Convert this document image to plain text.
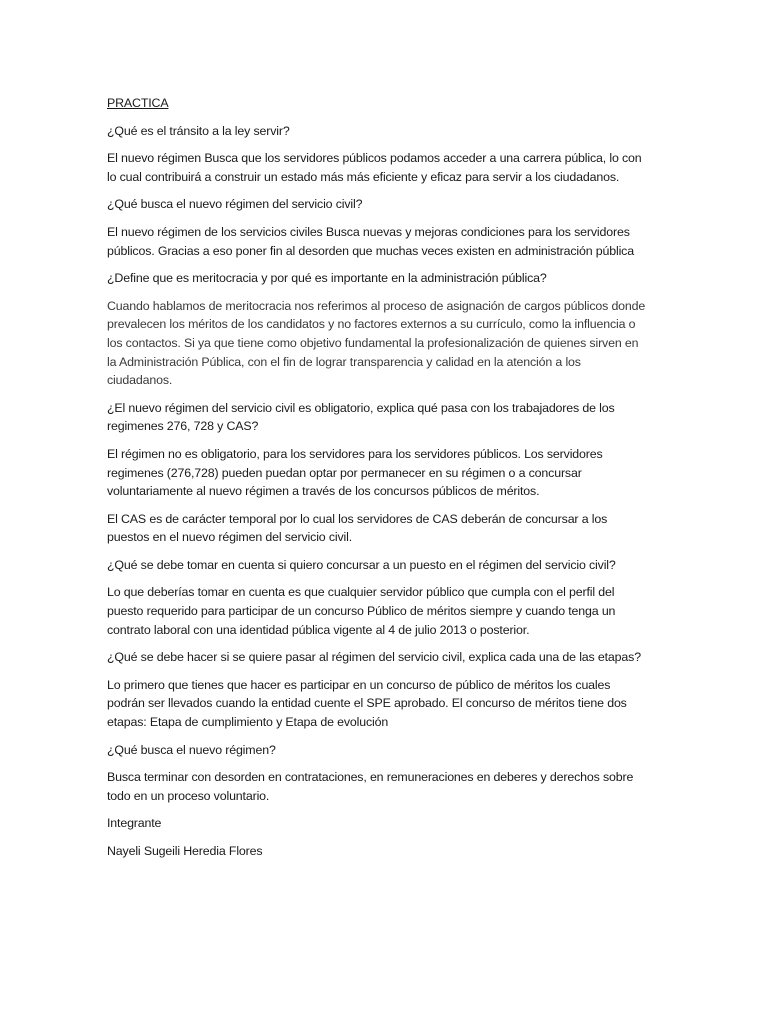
PRACTICA

¿Qué es el tránsito a la ley servir?

El nuevo régimen Busca que los servidores públicos podamos acceder a una carrera pública, lo con lo cual contribuirá a construir un estado más más eficiente y eficaz para servir a los ciudadanos.

¿Qué busca el nuevo régimen del servicio civil?

El nuevo régimen de los servicios civiles Busca nuevas y mejoras condiciones para los servidores públicos. Gracias a eso poner fin al desorden que muchas veces existen en administración pública

¿Define que es meritocracia y por qué es importante en la administración pública?

Cuando hablamos de meritocracia nos referimos al proceso de asignación de cargos públicos donde prevalecen los méritos de los candidatos y no factores externos a su currículo, como la influencia o los contactos. Si ya que tiene como objetivo fundamental la profesionalización de quienes sirven en la Administración Pública, con el fin de lograr transparencia y calidad en la atención a los ciudadanos.

¿El nuevo régimen del servicio civil es obligatorio, explica qué pasa con los trabajadores de los regimenes 276, 728 y CAS?

El régimen no es obligatorio, para los servidores para los servidores públicos. Los servidores regimenes (276,728) pueden puedan optar por permanecer en su régimen o a concursar voluntariamente al nuevo régimen a través de los concursos públicos de méritos.

El CAS es de carácter temporal por lo cual los servidores de CAS deberán de concursar a los puestos en el nuevo régimen del servicio civil.

¿Qué se debe tomar en cuenta si quiero concursar a un puesto en el régimen del servicio civil?

Lo que deberías tomar en cuenta es que cualquier servidor público que cumpla con el perfil del puesto requerido para participar de un concurso Público de méritos siempre y cuando tenga un contrato laboral con una identidad pública vigente al 4 de julio 2013 o posterior.

¿Qué se debe hacer si se quiere pasar al régimen del servicio civil, explica cada una de las etapas?

Lo primero que tienes que hacer es participar en un concurso de público de méritos los cuales podrán ser llevados cuando la entidad cuente el SPE aprobado. El concurso de méritos tiene dos etapas: Etapa de cumplimiento y Etapa de evolución

¿Qué busca el nuevo régimen?

Busca terminar con desorden en contrataciones, en remuneraciones en deberes y derechos sobre todo en un proceso voluntario.

Integrante

Nayeli Sugeili Heredia Flores
